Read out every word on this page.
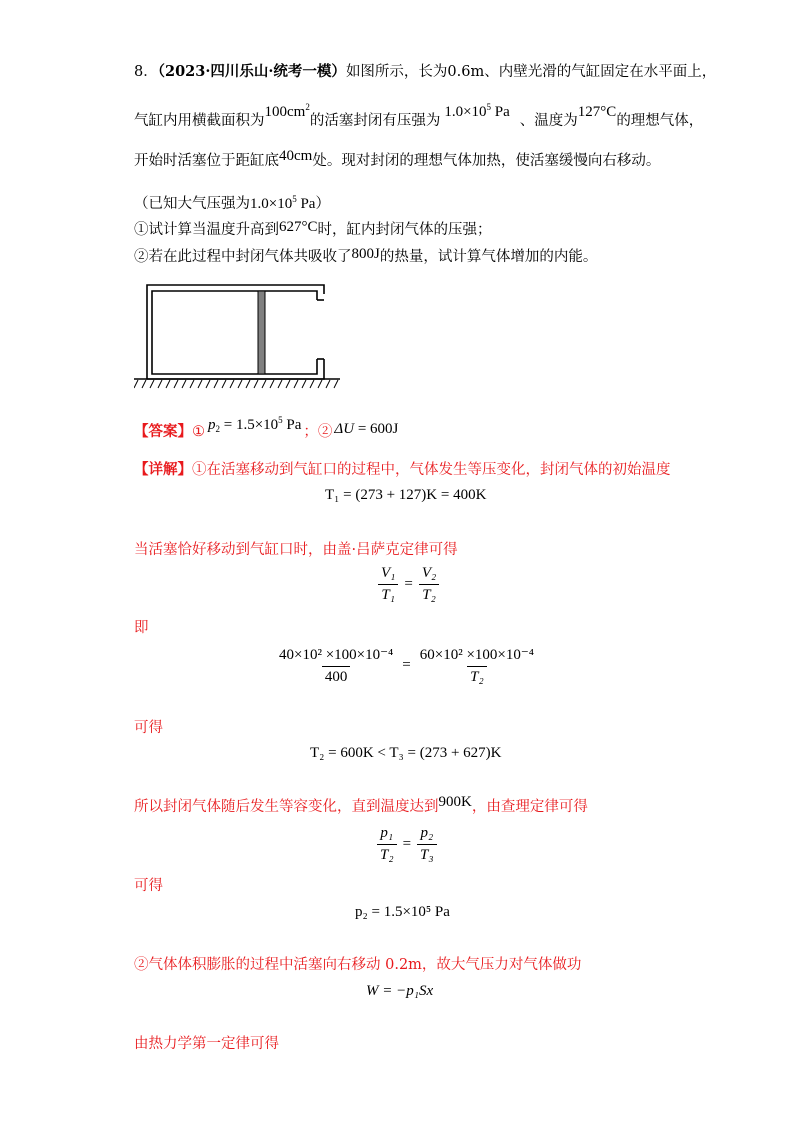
8．（2023·四川乐山·统考一模）如图所示，长为0.6m、内壁光滑的气缸固定在水平面上，
气缸内用横截面积为$100cm^2$的活塞封闭有压强为$1.0\times 10^5$ Pa、温度为127°C的理想气体，
开始时活塞位于距缸底40cm处。现对封闭的理想气体加热，使活塞缓慢向右移动。
（已知大气压强为$1.0\times 10^5$ Pa）
①试计算当温度升高到627°C时，缸内封闭气体的压强；
②若在此过程中封闭气体共吸收了800J的热量，试计算气体增加的内能。
【答案】① $p_2 = 1.5\times 10^5$ Pa ；② ΔU = 600J
【详解】①在活塞移动到气缸口的过程中，气体发生等压变化，封闭气体的初始温度
T₁ = (273 + 127)K = 400K
当活塞恰好移动到气缸口时，由盖·吕萨克定律可得
$\frac{\text{V₁}}{\text{T₁}} = \frac{\text{V₂}}{\text{T₂}}$
即
$\frac{\text{40×10² ×100×10⁻⁴}}{400} = \frac{\text{60×10² ×100×10⁻⁴}}{\text{T₂}}$
可得
T₂ = 600K < T₃ = (273 + 627)K
所以封闭气体随后发生等容变化，直到温度达到900K，由查理定律可得
$\frac{\text{p₁}}{\text{T₂}} = \frac{\text{p₂}}{\text{T₃}}$
可得
p₂ = 1.5×10⁵ Pa
②气体体积膨胀的过程中活塞向右移动 0.2m，故大气压力对气体做功
W = −p₁Sx
由热力学第一定律可得
